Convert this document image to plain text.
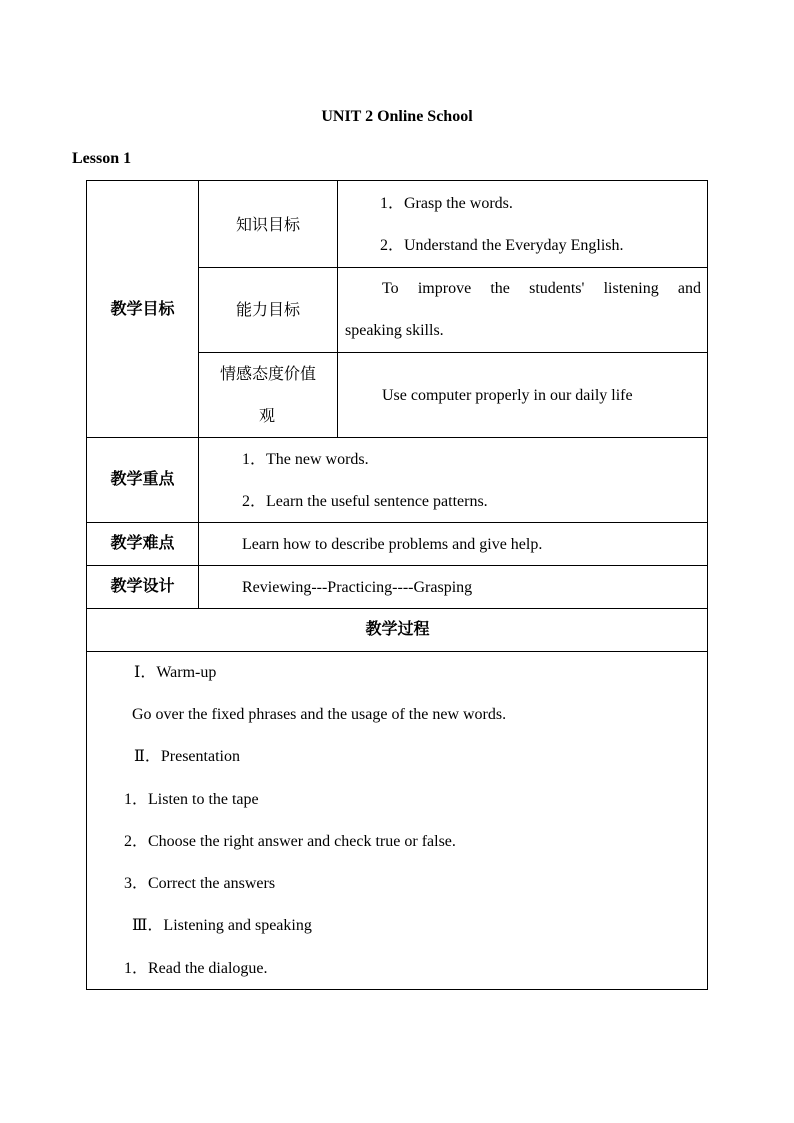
UNIT 2 Online School
Lesson 1
教学目标
知识目标
1．Grasp the words.
2．Understand the Everyday English.
能力目标
To improve the students' listening and
speaking skills.
情感态度价值
观
Use computer properly in our daily life
教学重点
1．The new words.
2．Learn the useful sentence patterns.
教学难点	Learn how to describe problems and give help.
教学设计	Reviewing---Practicing----Grasping
教学过程
Ⅰ．Warm-up
Go over the fixed phrases and the usage of the new words.
Ⅱ．Presentation
1．Listen to the tape
2．Choose the right answer and check true or false.
3．Correct the answers
Ⅲ．Listening and speaking
1．Read the dialogue.
